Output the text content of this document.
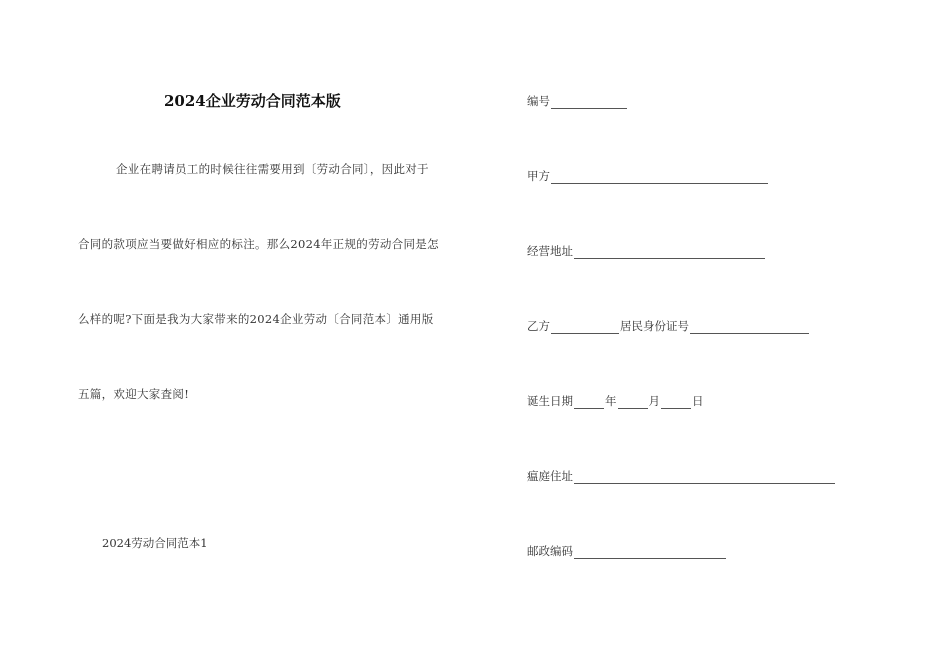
2024企业劳动合同范本版
企业在聘请员工的时候往往需要用到〔劳动合同〕，因此对于
合同的款项应当要做好相应的标注。那么2024年正规的劳动合同是怎
么样的呢?下面是我为大家带来的2024企业劳动〔合同范本〕通用版
五篇，欢迎大家査阅!
2024劳动合同范本1
编号
甲方
经营地址
乙方	居民身份证号
诞生日期	年	月	日
瘟庭住址
邮政编码
